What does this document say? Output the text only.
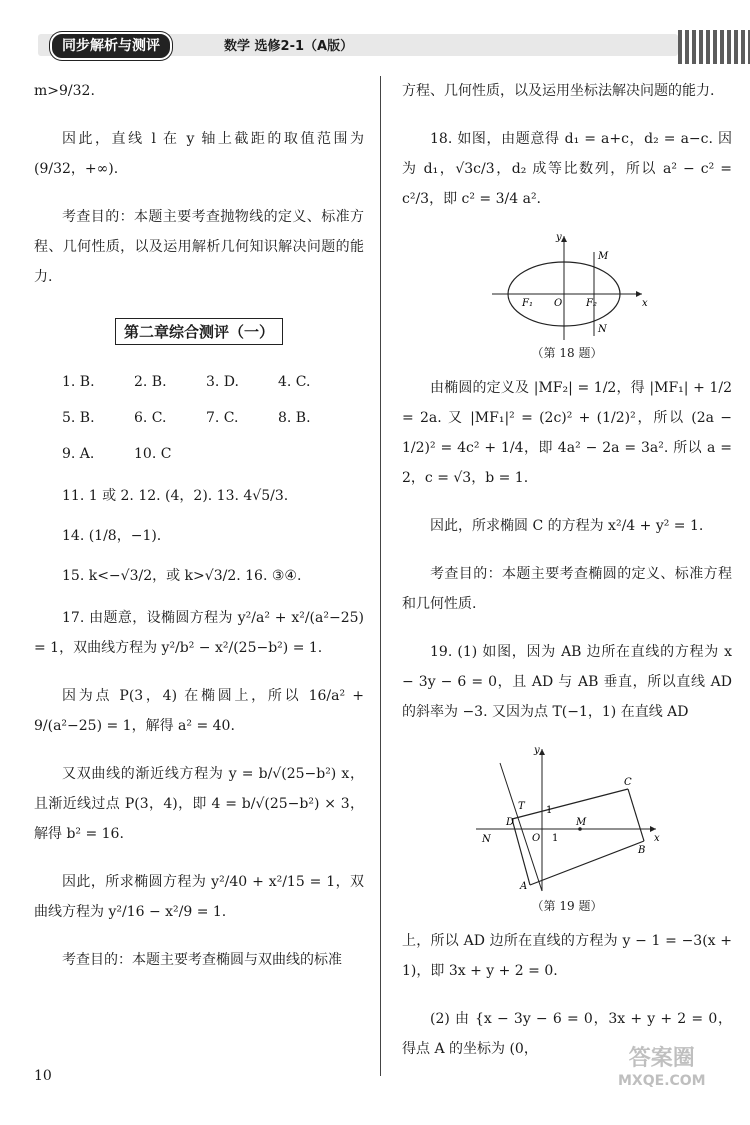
同步解析与测评	数学 选修2-1（A版）

m>9/32.

因此，直线 l 在 y 轴上截距的取值范围为(9/32，+∞).

考查目的：本题主要考查抛物线的定义、标准方程、几何性质，以及运用解析几何知识解决问题的能力.

第二章综合测评（一）
1. B.	2. B.	3. D.	4. C.
5. B.	6. C.	7. C.	8. B.
9. A.	10. C

11. 1 或 2. 12. (4，2). 13. 4√5/3.

14. (1/8，−1).

15. k<−√3/2，或 k>√3/2. 16. ③④.

17. 由题意，设椭圆方程为 y²/a² + x²/(a²−25) = 1，双曲线方程为 y²/b² − x²/(25−b²) = 1.

因为点 P(3，4) 在椭圆上，所以 16/a² + 9/(a²−25) = 1，解得 a² = 40.

又双曲线的渐近线方程为 y = b/√(25−b²) x，且渐近线过点 P(3，4)，即 4 = b/√(25−b²) × 3，解得 b² = 16.

因此，所求椭圆方程为 y²/40 + x²/15 = 1，双曲线方程为 y²/16 − x²/9 = 1.

考查目的：本题主要考查椭圆与双曲线的标准

方程、几何性质，以及运用坐标法解决问题的能力.

18. 如图，由题意得 d₁ = a+c，d₂ = a−c. 因为 d₁，√3c/3，d₂ 成等比数列，所以 a² − c² = c²/3，即 c² = 3/4 a².

y
x
M
N
F₁	F₂
O
（第 18 题）

由椭圆的定义及 |MF₂| = 1/2，得 |MF₁| + 1/2 = 2a. 又 |MF₁|² = (2c)² + (1/2)²，所以 (2a − 1/2)² = 4c² + 1/4，即 4a² − 2a = 3a². 所以 a = 2，c = √3，b = 1.

因此，所求椭圆 C 的方程为 x²/4 + y² = 1.

考查目的：本题主要考查椭圆的定义、标准方程和几何性质.

19. (1) 如图，因为 AB 边所在直线的方程为 x − 3y − 6 = 0，且 AD 与 AB 垂直，所以直线 AD 的斜率为 −3. 又因为点 T(−1，1) 在直线 AD

y
x
C
T
D
1
M
N	O 1
B
A
（第 19 题）

上，所以 AD 边所在直线的方程为 y − 1 = −3(x + 1)，即 3x + y + 2 = 0.

(2) 由 {x − 3y − 6 = 0，3x + y + 2 = 0，得点 A 的坐标为 (0，

10
答案圈
MXQE.COM
